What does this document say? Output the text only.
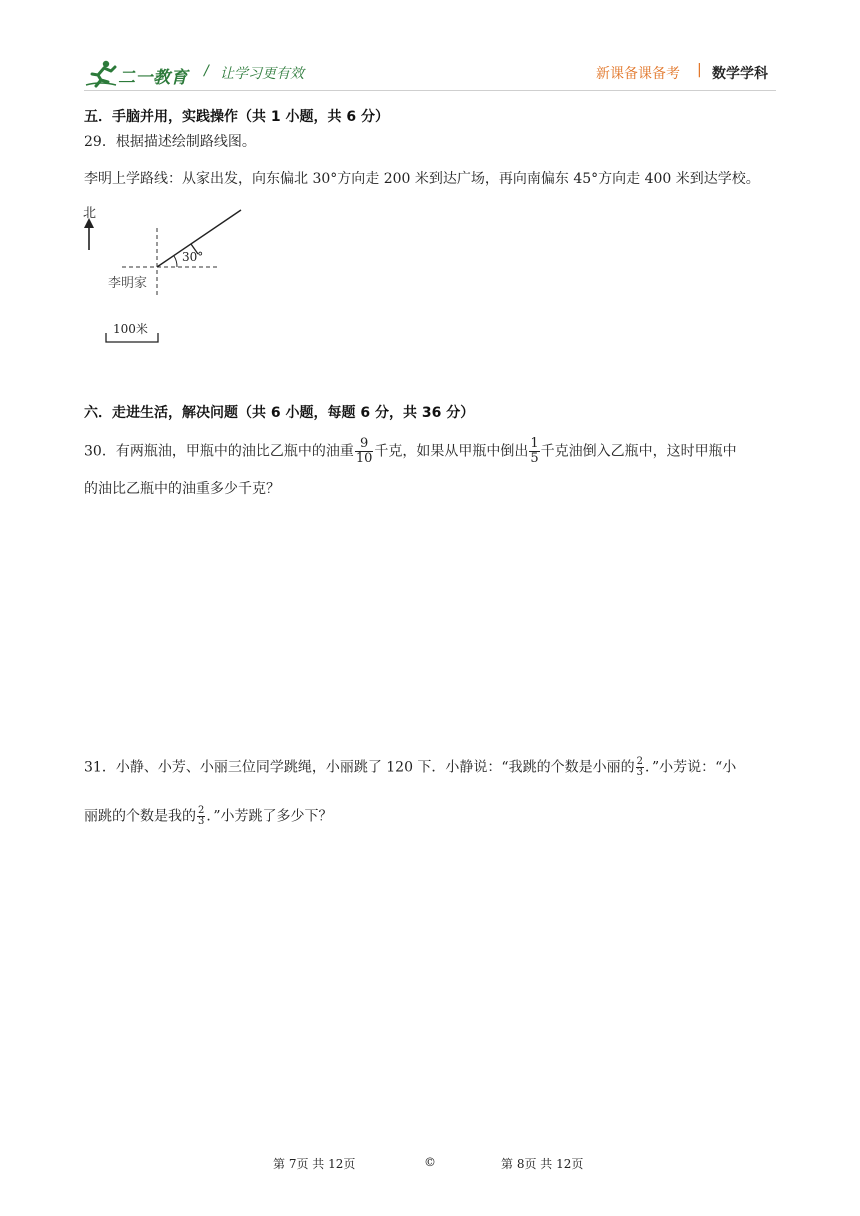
二一教育 / 让学习更有效	新课备课备考 | 数学学科
五．手脑并用，实践操作（共 1 小题，共 6 分）
29．根据描述绘制路线图。
李明上学路线：从家出发，向东偏北 30°方向走 200 米到达广场，再向南偏东 45°方向走 400 米到达学校。
北
30°
李明家
100米
六．走进生活，解决问题（共 6 小题，每题 6 分，共 36 分）
30．有两瓶油，甲瓶中的油比乙瓶中的油重 $\frac{9}{10}$ 千克，如果从甲瓶中倒出 $\frac{1}{5}$ 千克油倒入乙瓶中，这时甲瓶中
的油比乙瓶中的油重多少千克？
31．小静、小芳、小丽三位同学跳绳，小丽跳了 120 下．小静说：“我跳的个数是小丽的 $\frac{2}{3}$ ．”小芳说：“小
丽跳的个数是我的 $\frac{2}{3}$ ．”小芳跳了多少下？
第 7页 共 12页	©	第 8页 共 12页
